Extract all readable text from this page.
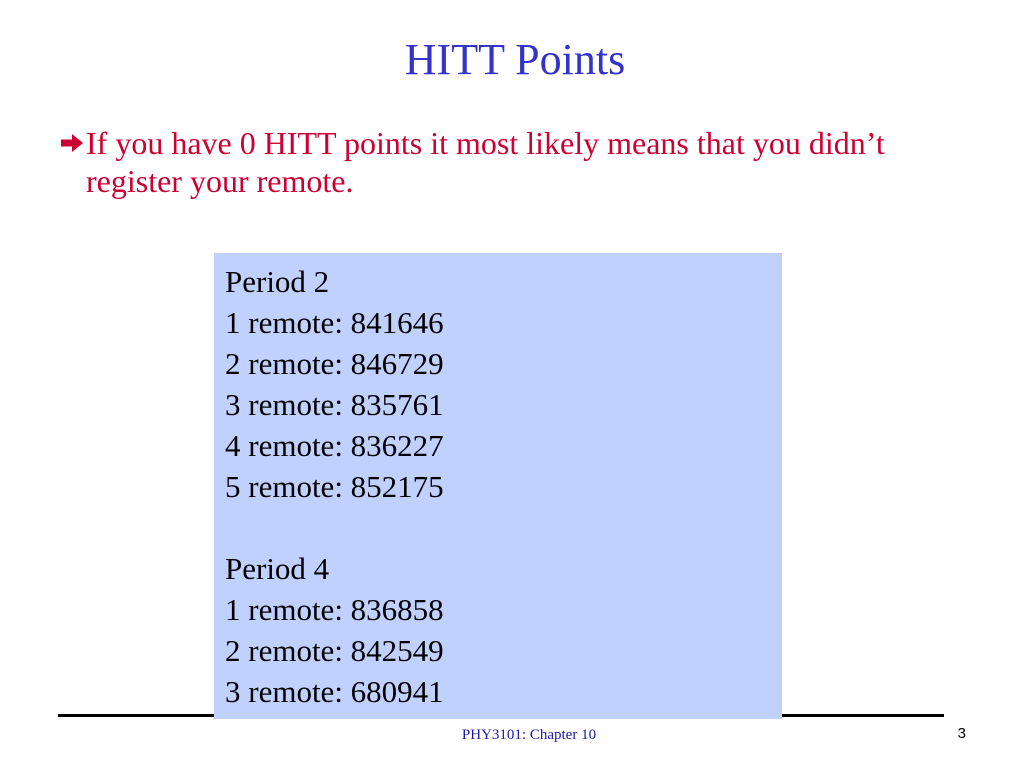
HITT Points
If you have 0 HITT points it most likely means that you didn’t register your remote.
Period 2
1 remote: 841646
2 remote: 846729
3 remote: 835761
4 remote: 836227
5 remote: 852175
Period 4
1 remote: 836858
2 remote: 842549
3 remote: 680941
PHY3101: Chapter 10	3
